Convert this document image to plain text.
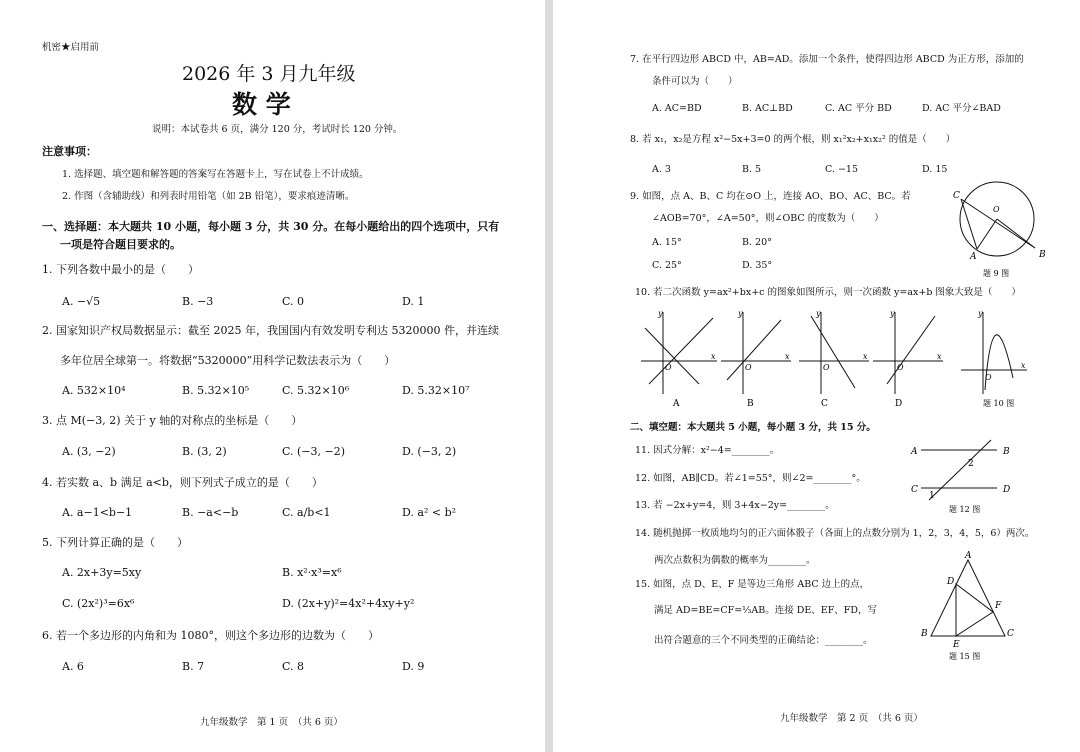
机密★启用前
2026 年 3 月九年级
数 学
说明：本试卷共 6 页，满分 120 分，考试时长 120 分钟。
注意事项：
1. 选择题、填空题和解答题的答案写在答题卡上，写在试卷上不计成绩。
2. 作图（含辅助线）和列表时用铅笔（如 2B 铅笔），要求痕迹清晰。
一、选择题：本大题共 10 小题，每小题 3 分，共 30 分。在每小题给出的四个选项中，只有
一项是符合题目要求的。
1. 下列各数中最小的是（　　）
A. −√5	B. −3	C. 0	D. 1
2. 国家知识产权局数据显示：截至 2025 年，我国国内有效发明专利达 5320000 件，并连续
多年位居全球第一。将数据“5320000”用科学记数法表示为（　　）
A. 532×10⁴	B. 5.32×10⁵	C. 5.32×10⁶	D. 5.32×10⁷
3. 点 M(−3, 2) 关于 y 轴的对称点的坐标是（　　）
A. (3, −2)	B. (3, 2)	C. (−3, −2)	D. (−3, 2)
4. 若实数 a、b 满足 a<b，则下列式子成立的是（　　）
A. a−1<b−1	B. −a<−b	C. a/b<1	D. a² < b²
5. 下列计算正确的是（　　）
A. 2x+3y=5xy	B. x²·x³=x⁶
C. (2x²)³=6x⁶	D. (2x+y)²=4x²+4xy+y²
6. 若一个多边形的内角和为 1080°，则这个多边形的边数为（　　）
A. 6	B. 7	C. 8	D. 9
九年级数学　第 1 页　（共 6 页）
7. 在平行四边形 ABCD 中，AB=AD。添加一个条件，使得四边形 ABCD 为正方形，添加的
条件可以为（　　）
A. AC=BD	B. AC⊥BD	C. AC 平分 BD	D. AC 平分∠BAD
8. 若 x₁，x₂是方程 x²−5x+3=0 的两个根，则 x₁²x₂+x₁x₂² 的值是（　　）
A. 3	B. 5	C. −15	D. 15
9. 如图，点 A、B、C 均在⊙O 上，连接 AO、BO、AC、BC。若
∠AOB=70°，∠A=50°，则∠OBC 的度数为（　　）
A. 15°	B. 20°
C. 25°	D. 35°
C
O
A	B
题 9 图
10. 若二次函数 y=ax²+bx+c 的图象如图所示，则一次函数 y=ax+b 图象大致是（　　）
y
x
O
y
x
O
y
x
O
y
x
O
y
x
O
A	B	C	D	题 10 图
二、填空题：本大题共 5 小题，每小题 3 分，共 15 分。
11. 因式分解：x²−4=________。
12. 如图，AB∥CD。若∠1=55°，则∠2=________°。
A	B
C	D
2
1
题 12 图
13. 若 −2x+y=4，则 3+4x−2y=________。
14. 随机抛掷一枚质地均匀的正六面体骰子（各面上的点数分别为 1，2，3，4，5，6）两次。
两次点数积为偶数的概率为________。
15. 如图，点 D、E、F 是等边三角形 ABC 边上的点，
满足 AD=BE=CF=⅓AB。连接 DE、EF、FD，写
出符合题意的三个不同类型的正确结论：________。
A
D
F
B
E
C
题 15 图
九年级数学　第 2 页　（共 6 页）
